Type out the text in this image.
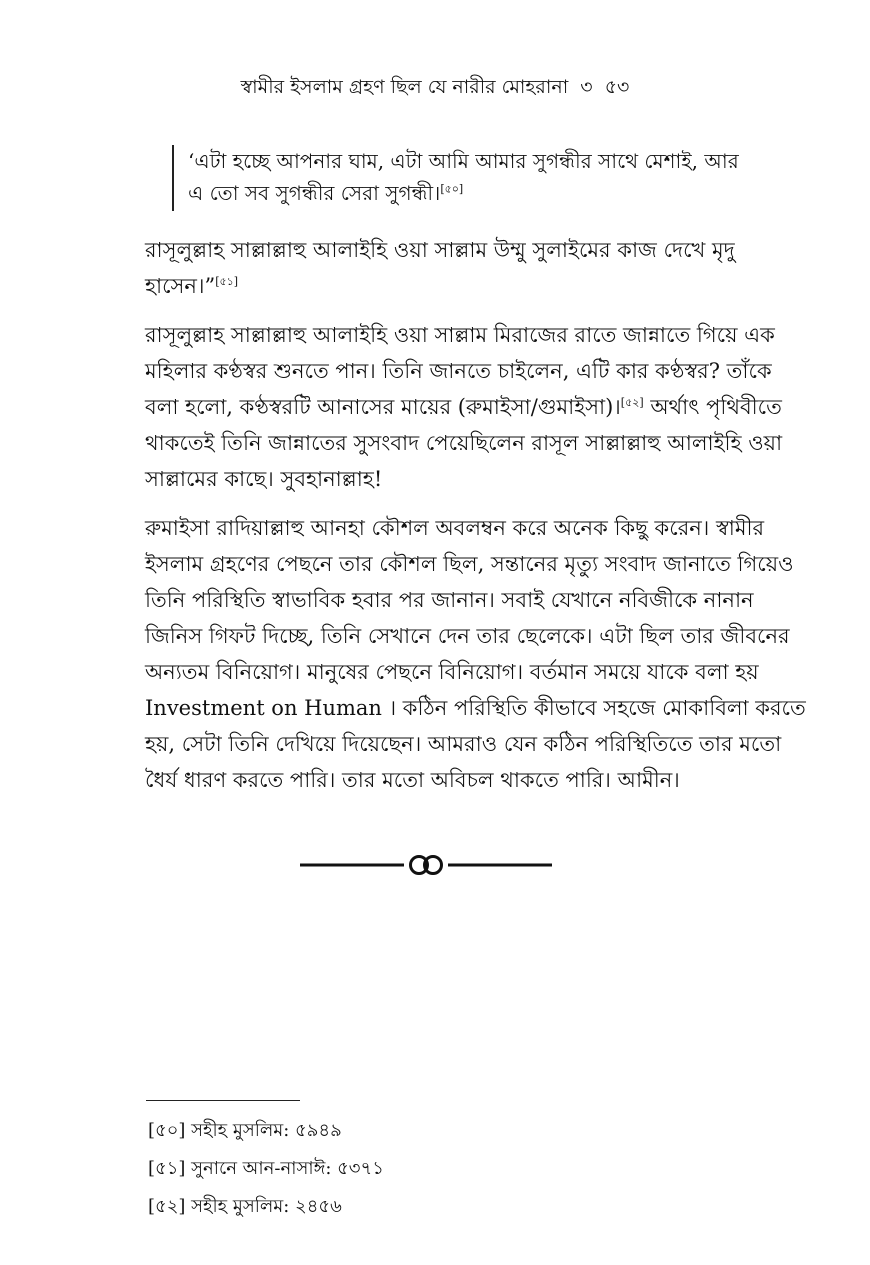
স্বামীর ইসলাম গ্রহণ ছিল যে নারীর মোহরানা ৩ ৫৩
‘এটা হচ্ছে আপনার ঘাম, এটা আমি আমার সুগন্ধীর সাথে মেশাই, আর
এ তো সব সুগন্ধীর সেরা সুগন্ধী।[৫০]
রাসূলুল্লাহ সাল্লাল্লাহু আলাইহি ওয়া সাল্লাম উম্মু সুলাইমের কাজ দেখে মৃদু
হাসেন।”[৫১]
রাসূলুল্লাহ সাল্লাল্লাহু আলাইহি ওয়া সাল্লাম মিরাজের রাতে জান্নাতে গিয়ে এক
মহিলার কণ্ঠস্বর শুনতে পান। তিনি জানতে চাইলেন, এটি কার কণ্ঠস্বর? তাঁকে
বলা হলো, কণ্ঠস্বরটি আনাসের মায়ের (রুমাইসা/গুমাইসা)।[৫২] অর্থাৎ পৃথিবীতে
থাকতেই তিনি জান্নাতের সুসংবাদ পেয়েছিলেন রাসূল সাল্লাল্লাহু আলাইহি ওয়া
সাল্লামের কাছে। সুবহানাল্লাহ!
রুমাইসা রাদিয়াল্লাহু আনহা কৌশল অবলম্বন করে অনেক কিছু করেন। স্বামীর
ইসলাম গ্রহণের পেছনে তার কৌশল ছিল, সন্তানের মৃত্যু সংবাদ জানাতে গিয়েও
তিনি পরিস্থিতি স্বাভাবিক হবার পর জানান। সবাই যেখানে নবিজীকে নানান
জিনিস গিফট দিচ্ছে, তিনি সেখানে দেন তার ছেলেকে। এটা ছিল তার জীবনের
অন্যতম বিনিয়োগ। মানুষের পেছনে বিনিয়োগ। বর্তমান সময়ে যাকে বলা হয়
Investment on Human । কঠিন পরিস্থিতি কীভাবে সহজে মোকাবিলা করতে
হয়, সেটা তিনি দেখিয়ে দিয়েছেন। আমরাও যেন কঠিন পরিস্থিতিতে তার মতো
ধৈর্য ধারণ করতে পারি। তার মতো অবিচল থাকতে পারি। আমীন।
[৫০] সহীহ মুসলিম: ৫৯৪৯
[৫১] সুনানে আন-নাসাঈ: ৫৩৭১
[৫২] সহীহ মুসলিম: ২৪৫৬
